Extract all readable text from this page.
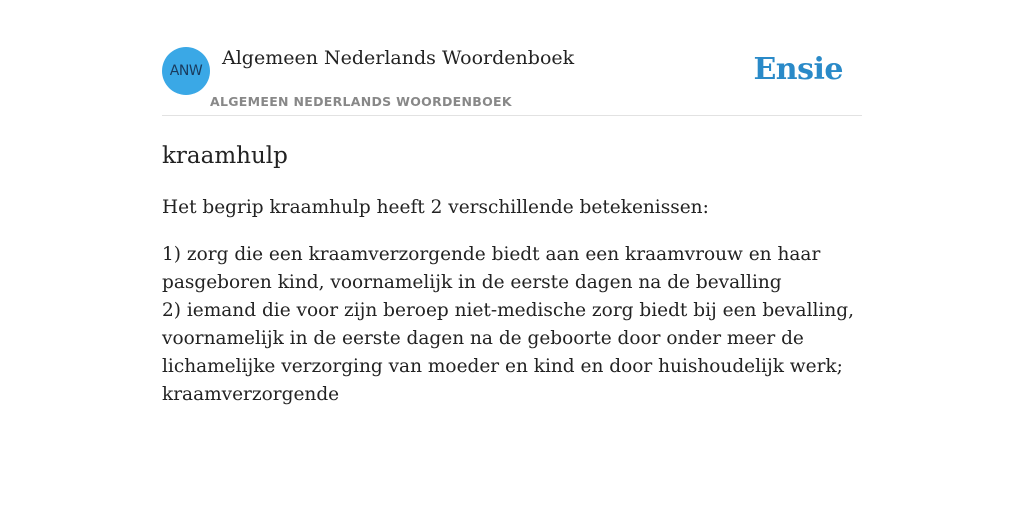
ANW
Algemeen Nederlands Woordenboek
ALGEMEEN NEDERLANDS WOORDENBOEK
Ensie
kraamhulp

Het begrip kraamhulp heeft 2 verschillende betekenissen:

1) zorg die een kraamverzorgende biedt aan een kraamvrouw en haar pasgeboren kind, voornamelijk in de eerste dagen na de bevalling
2) iemand die voor zijn beroep niet-medische zorg biedt bij een bevalling, voornamelijk in de eerste dagen na de geboorte door onder meer de lichamelijke verzorging van moeder en kind en door huishoudelijk werk; kraamverzorgende
